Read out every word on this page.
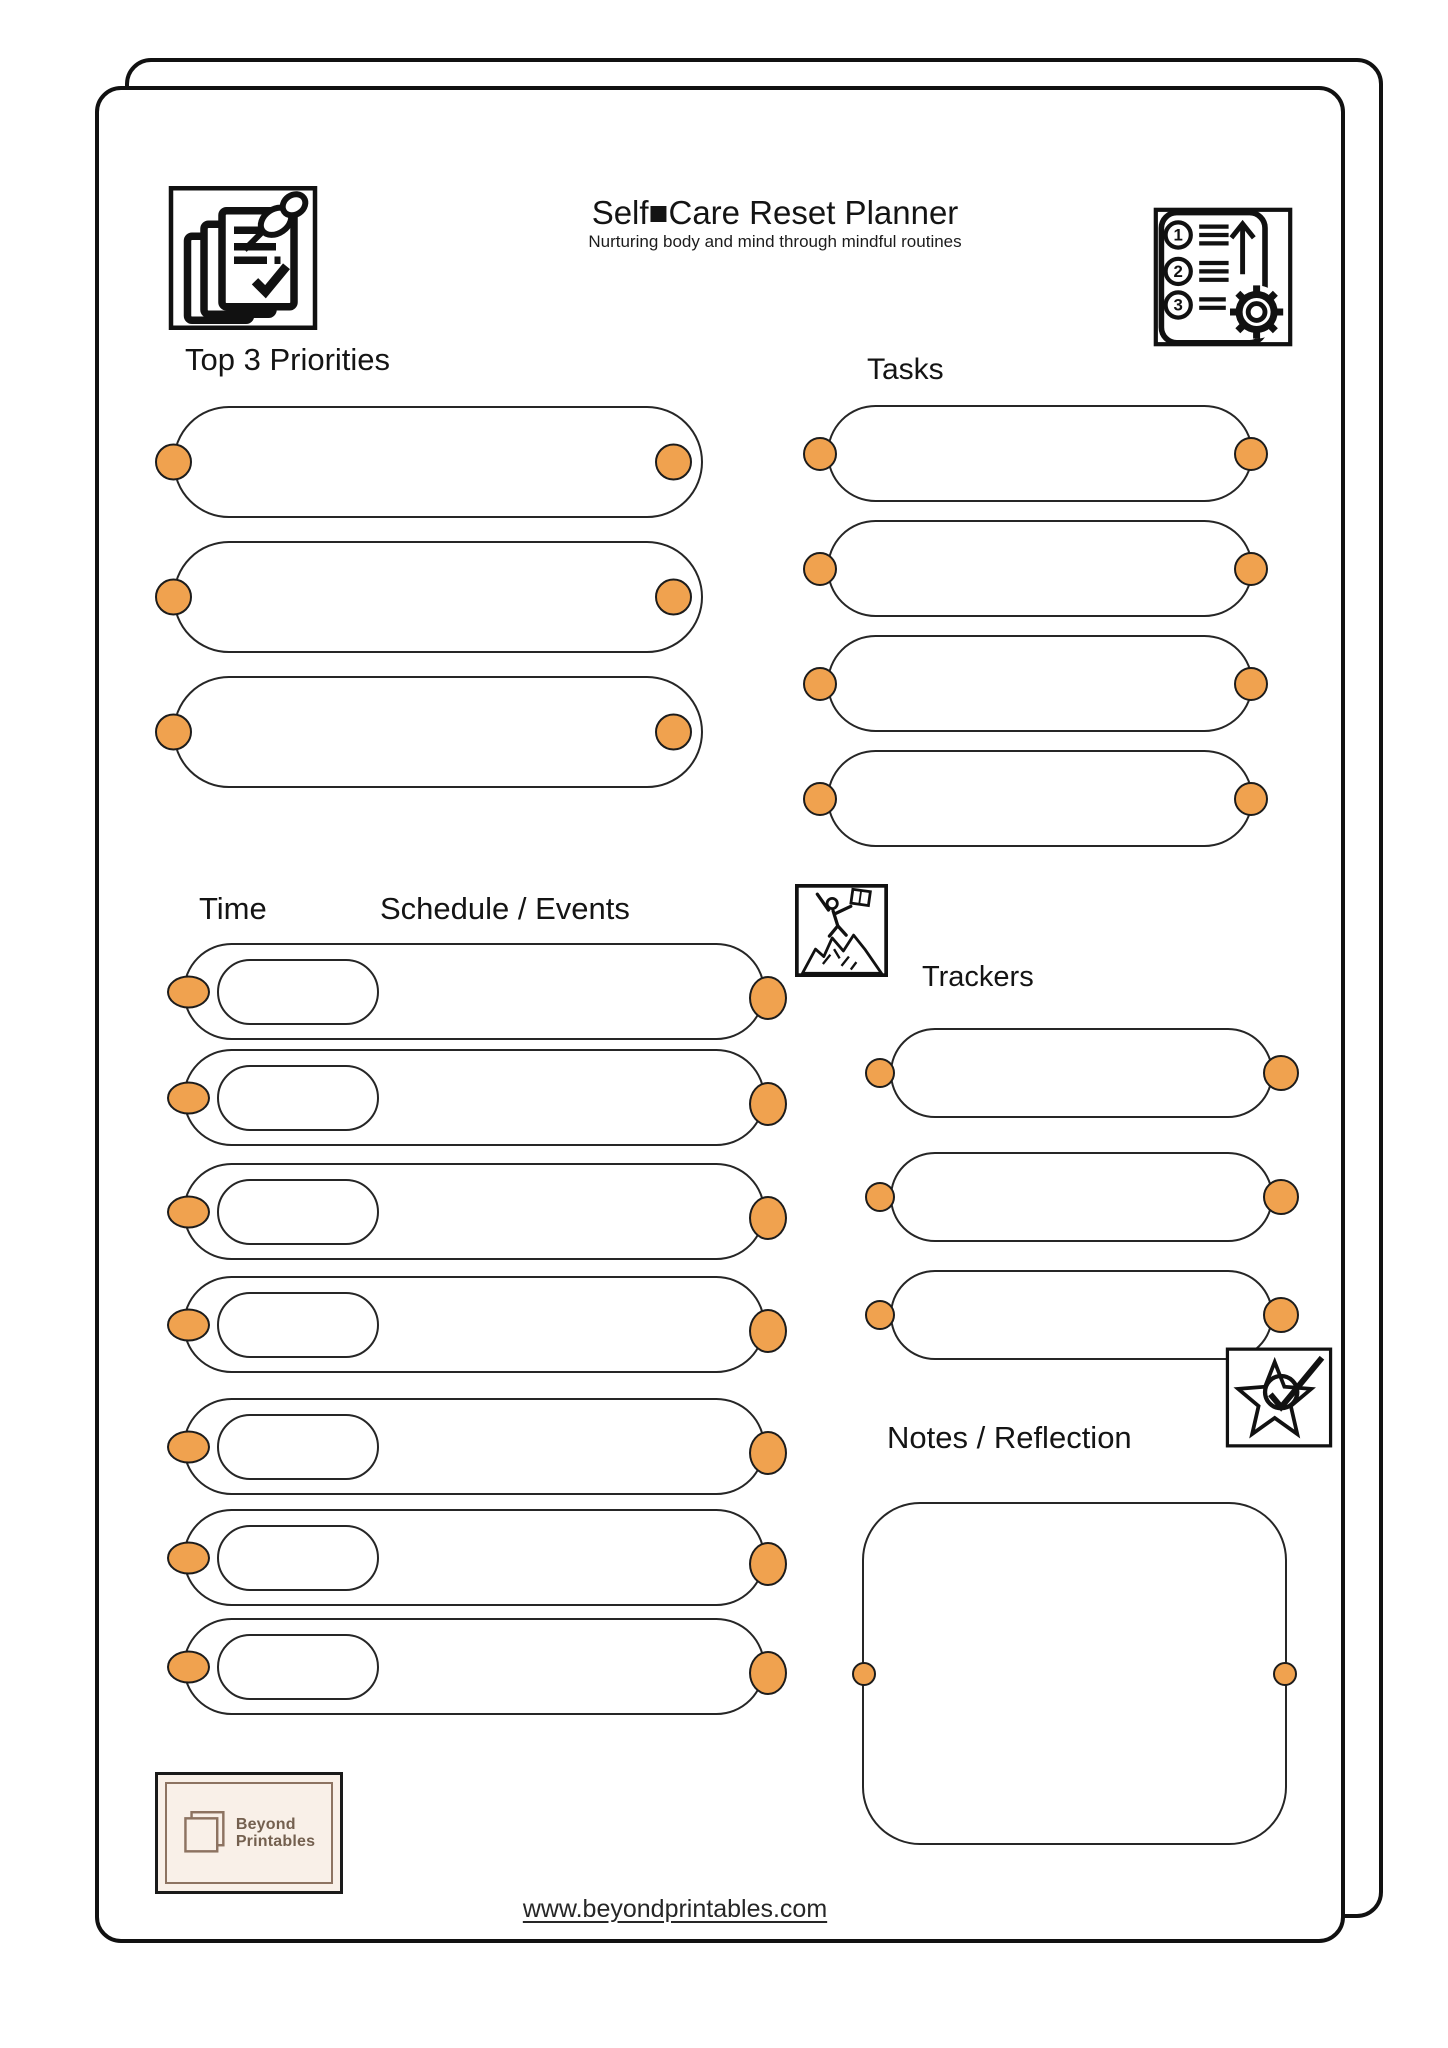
Self■Care Reset Planner
Nurturing body and mind through mindful routines	1
2
3
Top 3 Priorities	Tasks
Time	Schedule / Events
Trackers
Notes / Reflection
Beyond
Printables
www.beyondprintables.com
